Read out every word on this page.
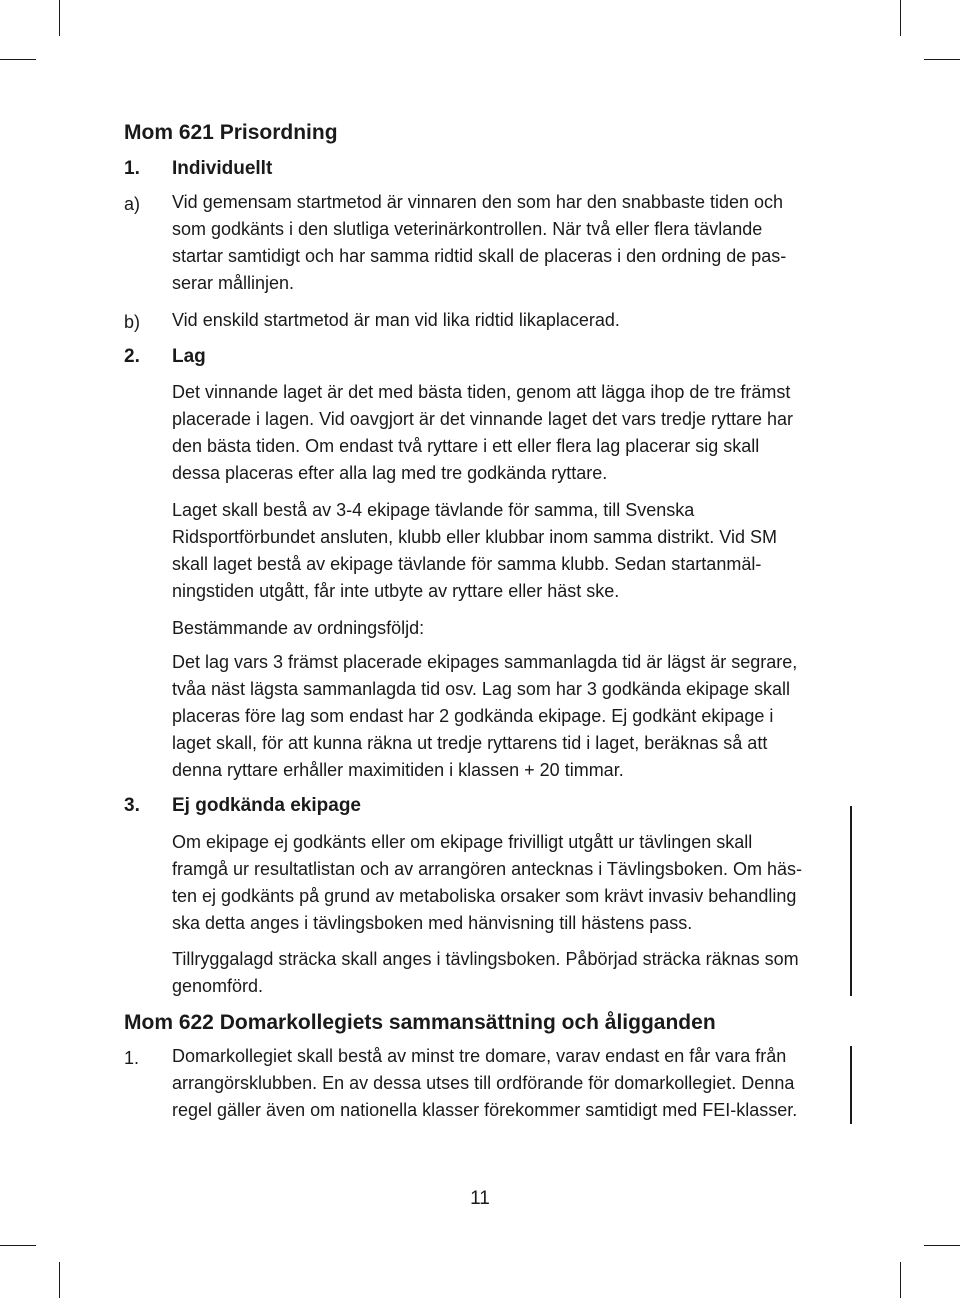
Mom 621 Prisordning
1. Individuellt
a) Vid gemensam startmetod är vinnaren den som har den snabbaste tiden och
som godkänts i den slutliga veterinärkontrollen. När två eller flera tävlande
startar samtidigt och har samma ridtid skall de placeras i den ordning de pas-
serar mållinjen.

b) Vid enskild startmetod är man vid lika ridtid likaplacerad.

2. Lag

Det vinnande laget är det med bästa tiden, genom att lägga ihop de tre främst
placerade i lagen. Vid oavgjort är det vinnande laget det vars tredje ryttare har
den bästa tiden. Om endast två ryttare i ett eller flera lag placerar sig skall
dessa placeras efter alla lag med tre godkända ryttare.

Laget skall bestå av 3-4 ekipage tävlande för samma, till Svenska
Ridsportförbundet ansluten, klubb eller klubbar inom samma distrikt. Vid SM
skall laget bestå av ekipage tävlande för samma klubb. Sedan startanmäl-
ningstiden utgått, får inte utbyte av ryttare eller häst ske.

Bestämmande av ordningsföljd:

Det lag vars 3 främst placerade ekipages sammanlagda tid är lägst är segrare,
tvåa näst lägsta sammanlagda tid osv. Lag som har 3 godkända ekipage skall
placeras före lag som endast har 2 godkända ekipage. Ej godkänt ekipage i
laget skall, för att kunna räkna ut tredje ryttarens tid i laget, beräknas så att
denna ryttare erhåller maximitiden i klassen + 20 timmar.

3. Ej godkända ekipage

Om ekipage ej godkänts eller om ekipage frivilligt utgått ur tävlingen skall
framgå ur resultatlistan och av arrangören antecknas i Tävlingsboken. Om häs-
ten ej godkänts på grund av metaboliska orsaker som krävt invasiv behandling
ska detta anges i tävlingsboken med hänvisning till hästens pass.

Tillryggalagd sträcka skall anges i tävlingsboken. Påbörjad sträcka räknas som
genomförd.

Mom 622 Domarkollegiets sammansättning och åligganden
1. Domarkollegiet skall bestå av minst tre domare, varav endast en får vara från
arrangörsklubben. En av dessa utses till ordförande för domarkollegiet. Denna
regel gäller även om nationella klasser förekommer samtidigt med FEI-klasser.

11
